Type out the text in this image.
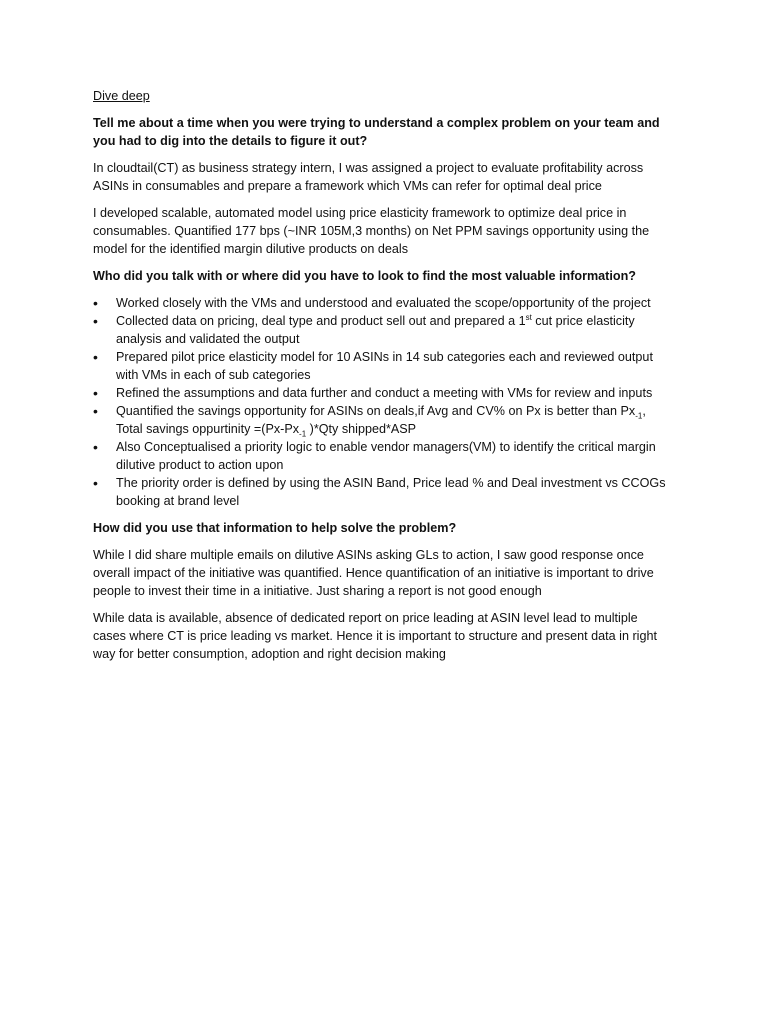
Dive deep
Tell me about a time when you were trying to understand a complex problem on your team and you had to dig into the details to figure it out?
In cloudtail(CT) as business strategy intern, I was assigned a project to evaluate profitability across ASINs in consumables and prepare a framework which VMs can refer for optimal deal price
I developed scalable, automated model using price elasticity framework to optimize deal price in consumables. Quantified 177 bps (~INR 105M,3 months) on Net PPM savings opportunity using the model for the identified margin dilutive products on deals
Who did you talk with or where did you have to look to find the most valuable information?
• Worked closely with the VMs and understood and evaluated the scope/opportunity of the project
• Collected data on pricing, deal type and product sell out and prepared a 1st cut price elasticity analysis and validated the output
• Prepared pilot price elasticity model for 10 ASINs in 14 sub categories each and reviewed output with VMs in each of sub categories
• Refined the assumptions and data further and conduct a meeting with VMs for review and inputs
• Quantified the savings opportunity for ASINs on deals,if Avg and CV% on Px is better than $Px_{-1}$, Total savings oppurtinity $=(Px-Px_{-1}$ )*Qty shipped*ASP
• Also Conceptualised a priority logic to enable vendor managers(VM) to identify the critical margin dilutive product to action upon
• The priority order is defined by using the ASIN Band, Price lead % and Deal investment vs CCOGs booking at brand level
How did you use that information to help solve the problem?
While I did share multiple emails on dilutive ASINs asking GLs to action, I saw good response once overall impact of the initiative was quantified. Hence quantification of an initiative is important to drive people to invest their time in a initiative. Just sharing a report is not good enough
While data is available, absence of dedicated report on price leading at ASIN level lead to multiple cases where CT is price leading vs market. Hence it is important to structure and present data in right way for better consumption, adoption and right decision making
